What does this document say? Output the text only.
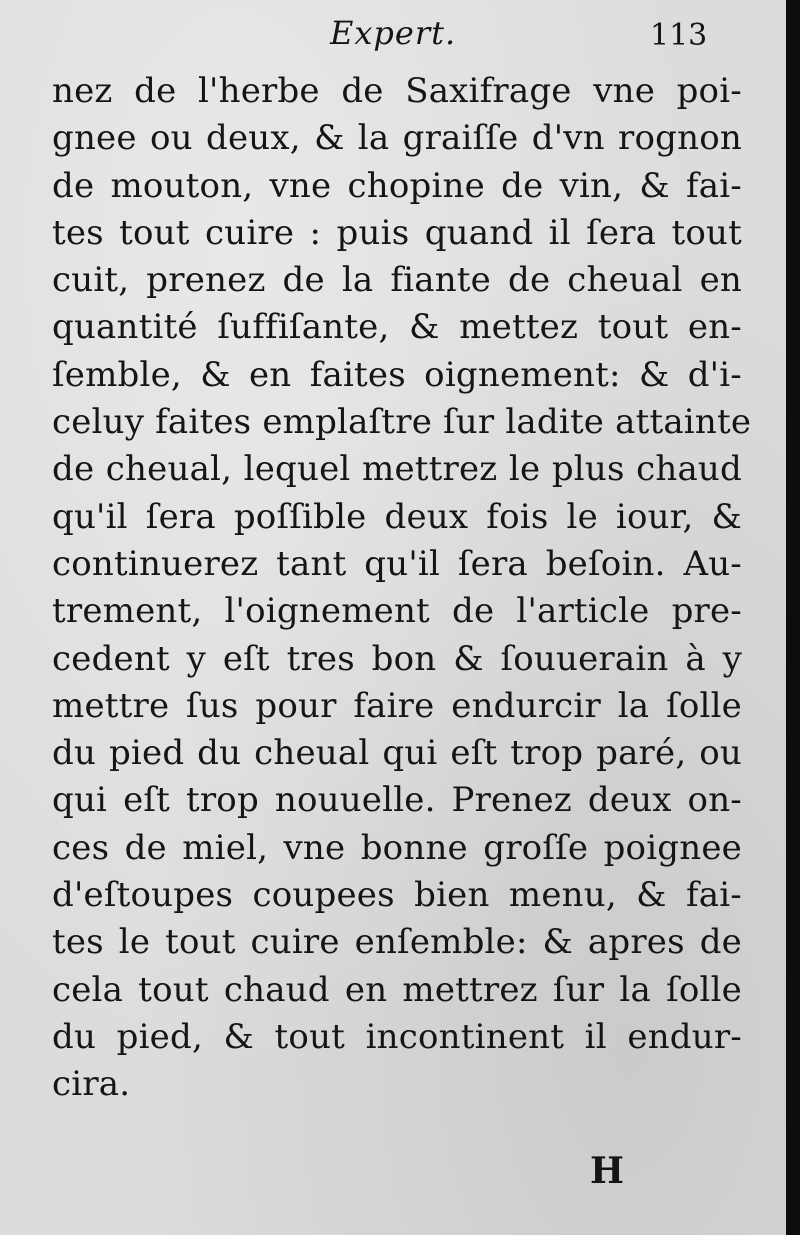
Expert.	113
nez de l'herbe de Saxifrage vne poi-
gnee ou deux, & la graiſſe d'vn rognon
de mouton, vne chopine de vin, & fai-
tes tout cuire : puis quand il ſera tout
cuit, prenez de la fiante de cheual en
quantité ſuffiſante, & mettez tout en-
ſemble, & en faites oignement: & d'i-
celuy faites emplaſtre ſur ladite attainte
de cheual, lequel mettrez le plus chaud
qu'il ſera poſſible deux fois le iour, &
continuerez tant qu'il ſera beſoin. Au-
trement, l'oignement de l'article pre-
cedent y eſt tres bon & ſouuerain à y
mettre ſus pour faire endurcir la ſolle
du pied du cheual qui eſt trop paré, ou
qui eſt trop nouuelle. Prenez deux on-
ces de miel, vne bonne groſſe poignee
d'eſtoupes coupees bien menu, & fai-
tes le tout cuire enſemble: & apres de
cela tout chaud en mettrez ſur la ſolle
du pied, & tout incontinent il endur-
cira.
H
